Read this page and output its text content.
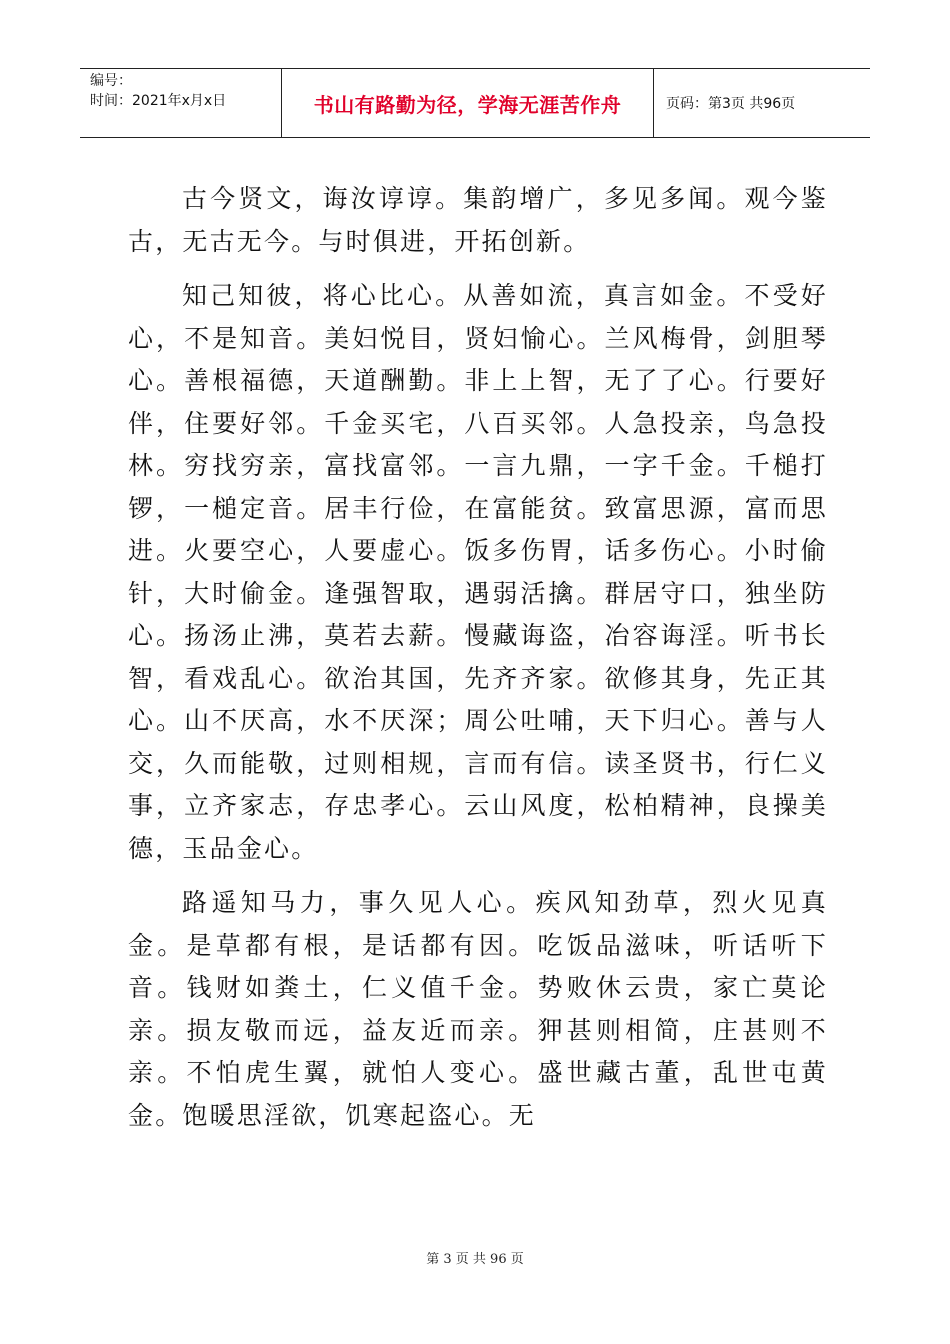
编号：
时间：2021年x月x日	书山有路勤为径，学海无涯苦作舟	页码：第3页 共96页

古今贤文，诲汝谆谆。集韵增广，多见多闻。观今鉴古，无古无今。与时俱进，开拓创新。

知己知彼，将心比心。从善如流，真言如金。不受好心，不是知音。美妇悦目，贤妇愉心。兰风梅骨，剑胆琴心。善根福德，天道酬勤。非上上智，无了了心。行要好伴，住要好邻。千金买宅，八百买邻。人急投亲，鸟急投林。穷找穷亲，富找富邻。一言九鼎，一字千金。千槌打锣，一槌定音。居丰行俭，在富能贫。致富思源，富而思进。火要空心，人要虚心。饭多伤胃，话多伤心。小时偷针，大时偷金。逢强智取，遇弱活擒。群居守口，独坐防心。扬汤止沸，莫若去薪。慢藏诲盗，冶容诲淫。听书长智，看戏乱心。欲治其国，先齐齐家。欲修其身，先正其心。山不厌高，水不厌深；周公吐哺，天下归心。善与人交，久而能敬，过则相规，言而有信。读圣贤书，行仁义事，立齐家志，存忠孝心。云山风度，松柏精神，良操美德，玉品金心。

路遥知马力，事久见人心。疾风知劲草，烈火见真金。是草都有根，是话都有因。吃饭品滋味，听话听下音。钱财如粪土，仁义值千金。势败休云贵，家亡莫论亲。损友敬而远，益友近而亲。狎甚则相简，庄甚则不亲。不怕虎生翼，就怕人变心。盛世藏古董，乱世屯黄金。饱暖思淫欲，饥寒起盗心。无

第 3 页 共 96 页
